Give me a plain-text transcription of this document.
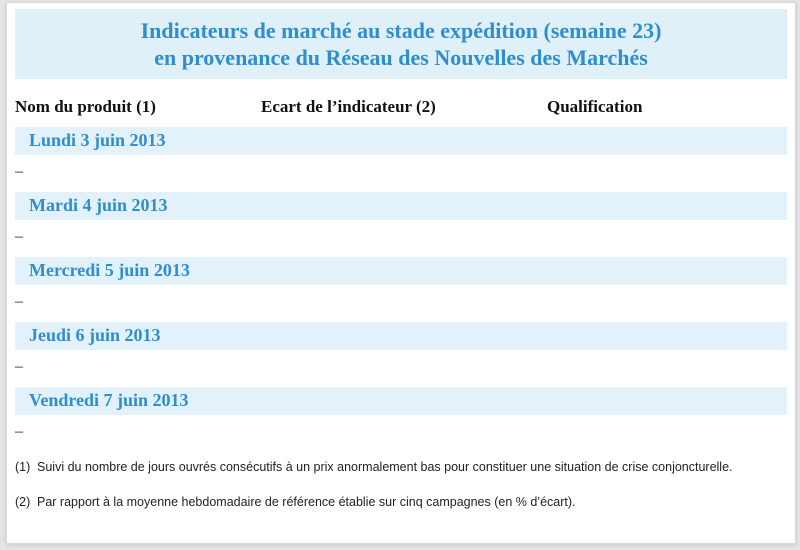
Indicateurs de marché au stade expédition (semaine 23)
en provenance du Réseau des Nouvelles des Marchés
Nom du produit (1)	Ecart de l’indicateur (2)	Qualification
Lundi 3 juin 2013
–
Mardi 4 juin 2013
–
Mercredi 5 juin 2013
–
Jeudi 6 juin 2013
–
Vendredi 7 juin 2013
–
(1) Suivi du nombre de jours ouvrés consécutifs à un prix anormalement bas pour constituer une situation de crise conjoncturelle.
(2) Par rapport à la moyenne hebdomadaire de référence établie sur cinq campagnes (en % d’écart).
